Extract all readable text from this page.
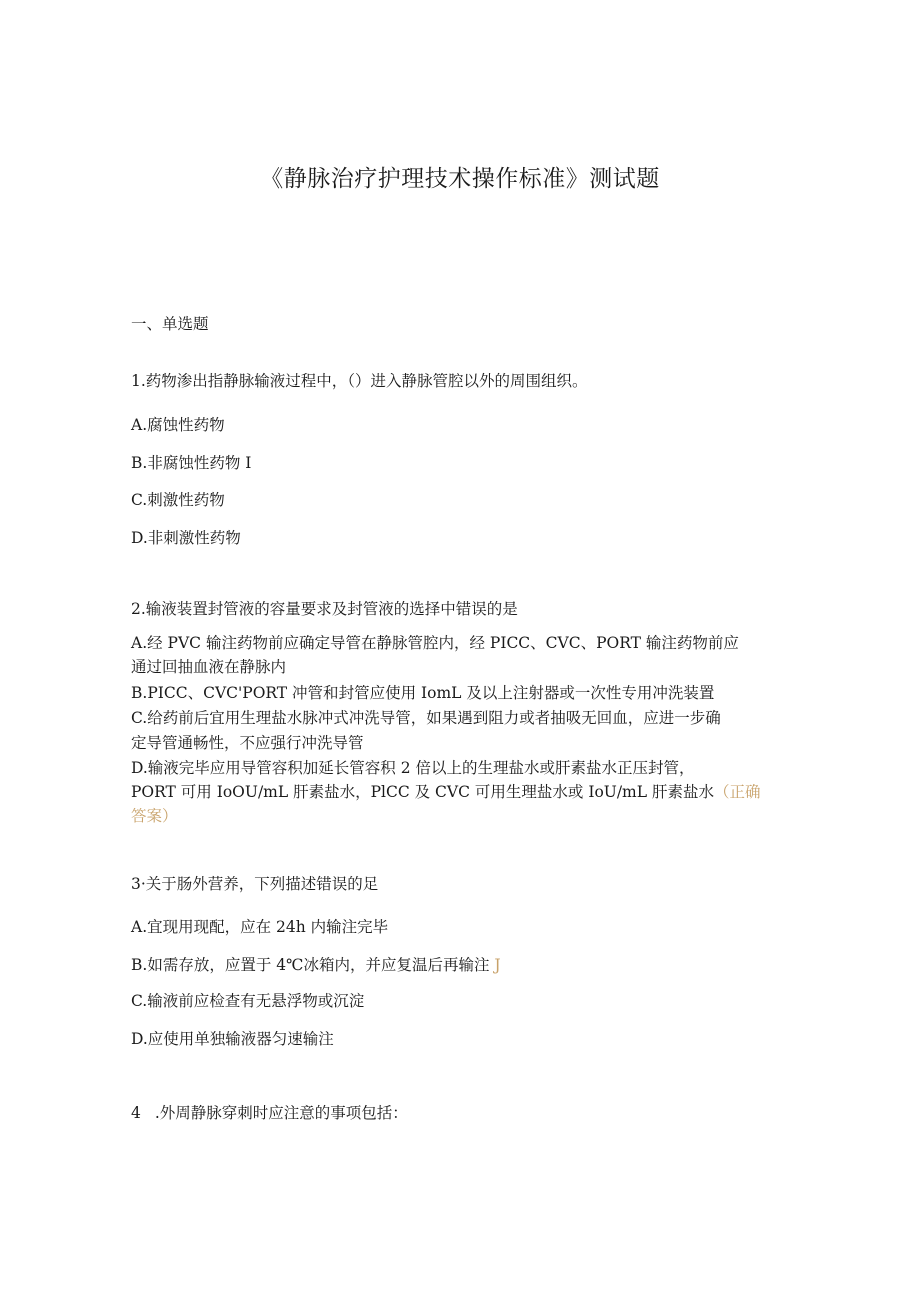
《静脉治疗护理技术操作标准》测试题
一、单选题
1.药物渗出指静脉输液过程中，（）进入静脉管腔以外的周围组织。
A.腐蚀性药物
B.非腐蚀性药物 I
C.刺激性药物
D.非刺激性药物
2.输液装置封管液的容量要求及封管液的选择中错误的是
A.经 PVC 输注药物前应确定导管在静脉管腔内，经 PICC、CVC、PORT 输注药物前应
通过回抽血液在静脉内
B.PICC、CVC'PORT 冲管和封管应使用 IomL 及以上注射器或一次性专用冲洗装置
C.给药前后宜用生理盐水脉冲式冲洗导管，如果遇到阻力或者抽吸无回血，应进一步确
定导管通畅性，不应强行冲洗导管
D.输液完毕应用导管容积加延长管容积 2 倍以上的生理盐水或肝素盐水正压封管，
PORT 可用 IoOU/mL 肝素盐水，PlCC 及 CVC 可用生理盐水或 IoU/mL 肝素盐水（正确
答案）
3·关于肠外营养，下列描述错误的足
A.宜现用现配，应在 24h 内输注完毕
B.如需存放，应置于 4℃冰箱内，并应复温后再输注 J
C.输液前应检查有无悬浮物或沉淀
D.应使用单独输液器匀速输注
4 .外周静脉穿刺时应注意的事项包括：
